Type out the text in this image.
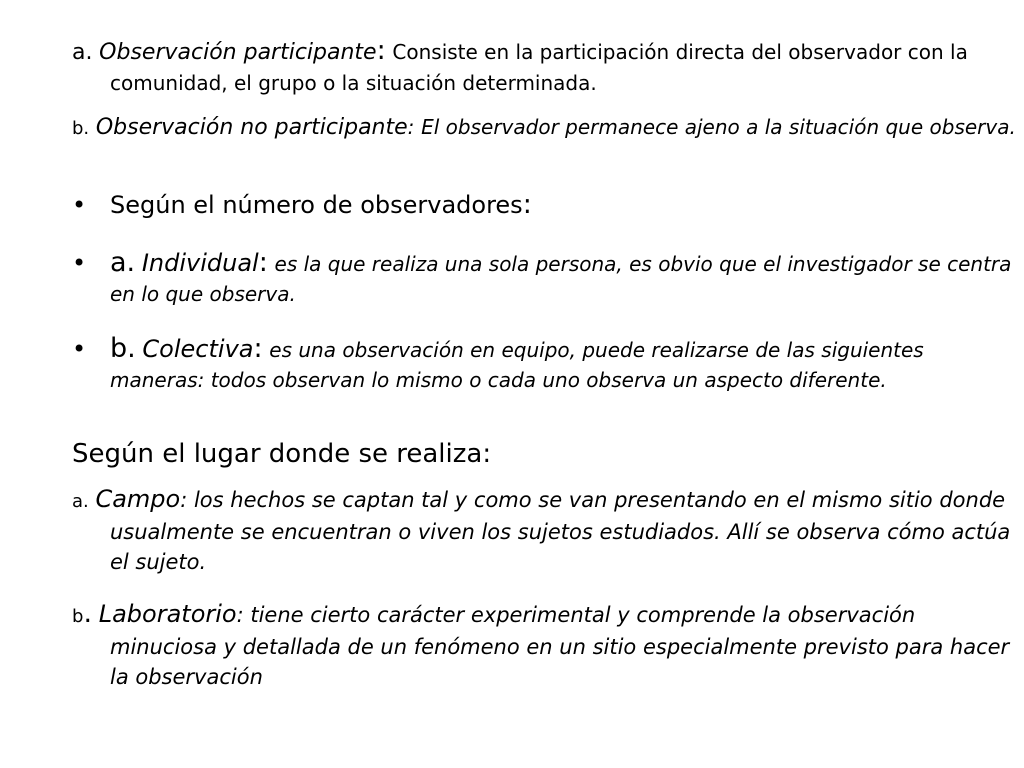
a. Observación participante: Consiste en la participación directa del observador con la comunidad, el grupo o la situación determinada.
b. Observación no participante: El observador permanece ajeno a la situación que observa.
• Según el número de observadores:
• a. Individual: es la que realiza una sola persona, es obvio que el investigador se centra en lo que observa.
• b. Colectiva: es una observación en equipo, puede realizarse de las siguientes maneras: todos observan lo mismo o cada uno observa un aspecto diferente.
Según el lugar donde se realiza:
a. Campo: los hechos se captan tal y como se van presentando en el mismo sitio donde usualmente se encuentran o viven los sujetos estudiados. Allí se observa cómo actúa el sujeto.
b. Laboratorio: tiene cierto carácter experimental y comprende la observación minuciosa y detallada de un fenómeno en un sitio especialmente previsto para hacer la observación
